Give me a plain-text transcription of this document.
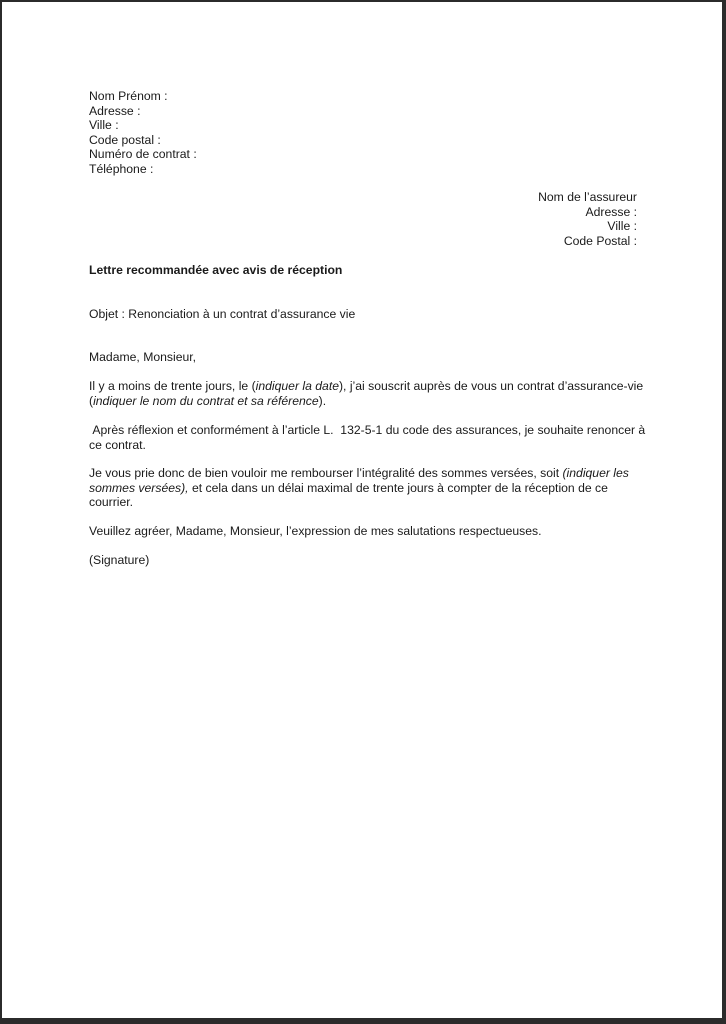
Nom Prénom :
Adresse :
Ville :
Code postal :
Numéro de contrat :
Téléphone :
Nom de l’assureur
Adresse :
Ville :
Code Postal :
Lettre recommandée avec avis de réception
Objet : Renonciation à un contrat d’assurance vie
Madame, Monsieur,
Il y a moins de trente jours, le (indiquer la date), j’ai souscrit auprès de vous un contrat d’assurance-vie (indiquer le nom du contrat et sa référence).
Après réflexion et conformément à l’article L.  132-5-1 du code des assurances, je souhaite renoncer à ce contrat.
Je vous prie donc de bien vouloir me rembourser l’intégralité des sommes versées, soit (indiquer les sommes versées), et cela dans un délai maximal de trente jours à compter de la réception de ce courrier.
Veuillez agréer, Madame, Monsieur, l’expression de mes salutations respectueuses.
(Signature)
